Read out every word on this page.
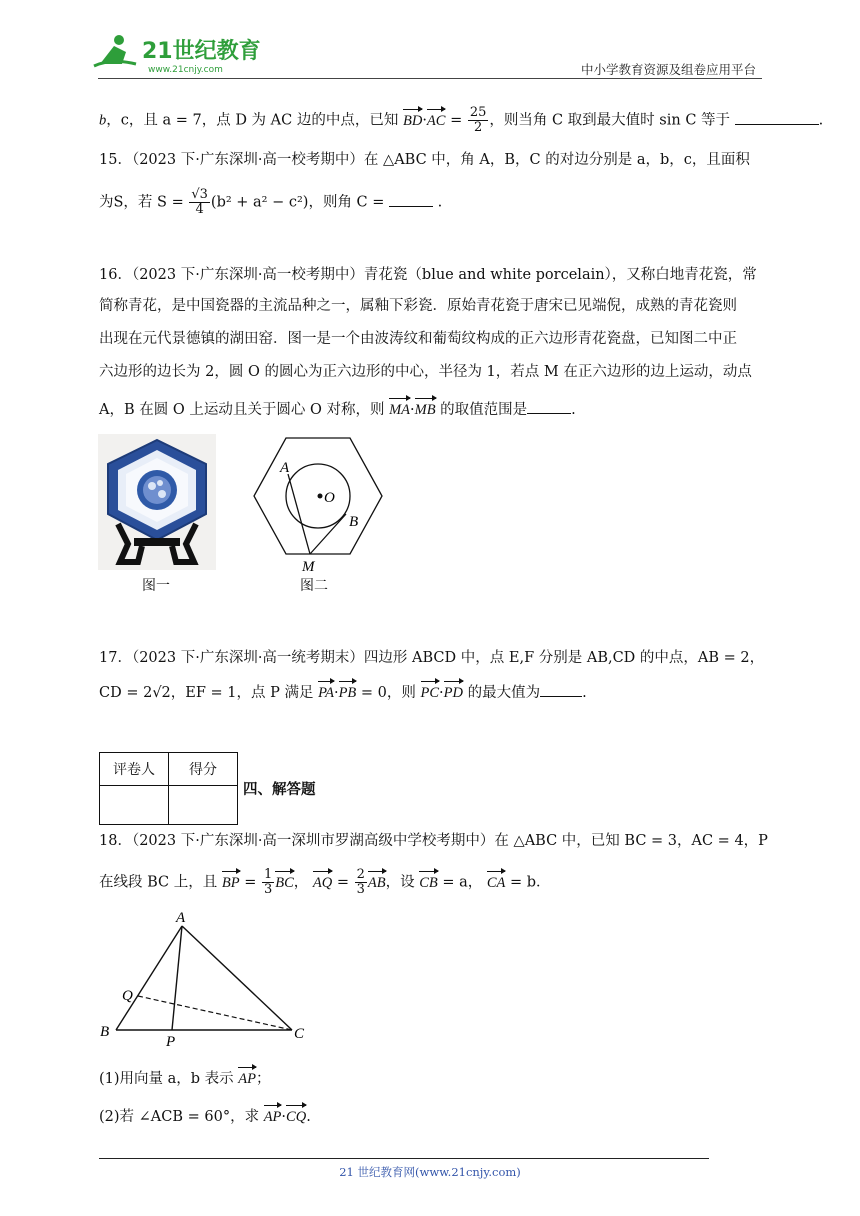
21世纪教育
www.21cnjy.com	中小学教育资源及组卷应用平台
b，c，且 a = 7，点 D 为 AC 边的中点，已知 $BD\cdot AC = \frac{25}{2}$ ，则当角 C 取到最大值时 sin C 等于	.
15．（2023 下·广东深圳·高一校考期中）在 △ABC 中，角 A，B，C 的对边分别是 a，b，c，且面积
为S，若 $S = \frac{√3}{4} (b^2 + a^2 - c^2)$，则角 C =	.
16．（2023 下·广东深圳·高一校考期中）青花瓷（blue and white porcelain），又称白地青花瓷，常
简称青花，是中国瓷器的主流品种之一，属釉下彩瓷．原始青花瓷于唐宋已见端倪，成熟的青花瓷则
出现在元代景德镇的湖田窑．图一是一个由波涛纹和葡萄纹构成的正六边形青花瓷盘，已知图二中正
六边形的边长为 2，圆 O 的圆心为正六边形的中心，半径为 1，若点 M 在正六边形的边上运动，动点
A，B 在圆 O 上运动且关于圆心 O 对称，则 MA·MB 的取值范围是	.
图一
A
O
B
M
图二
17．（2023 下·广东深圳·高一统考期末）四边形 ABCD 中，点 E,F 分别是 AB,CD 的中点，AB = 2，
CD = 2√2，EF = 1，点 P 满足 PA·PB = 0，则 PC·PD 的最大值为	.
评卷人	得分

四、解答题
18．（2023 下·广东深圳·高一深圳市罗湖高级中学校考期中）在 △ABC 中，已知 BC = 3，AC = 4，P
在线段 BC 上，且 BP = $\frac{1}{3}$ BC， AQ = $\frac{2}{3}$ AB，设 CB = a， CA = b．
A
Q
B
P	C
(1)用向量 a，b 表示 AP；
(2)若 ∠ACB = 60°，求 AP·CQ.
21 世纪教育网(www.21cnjy.com)
